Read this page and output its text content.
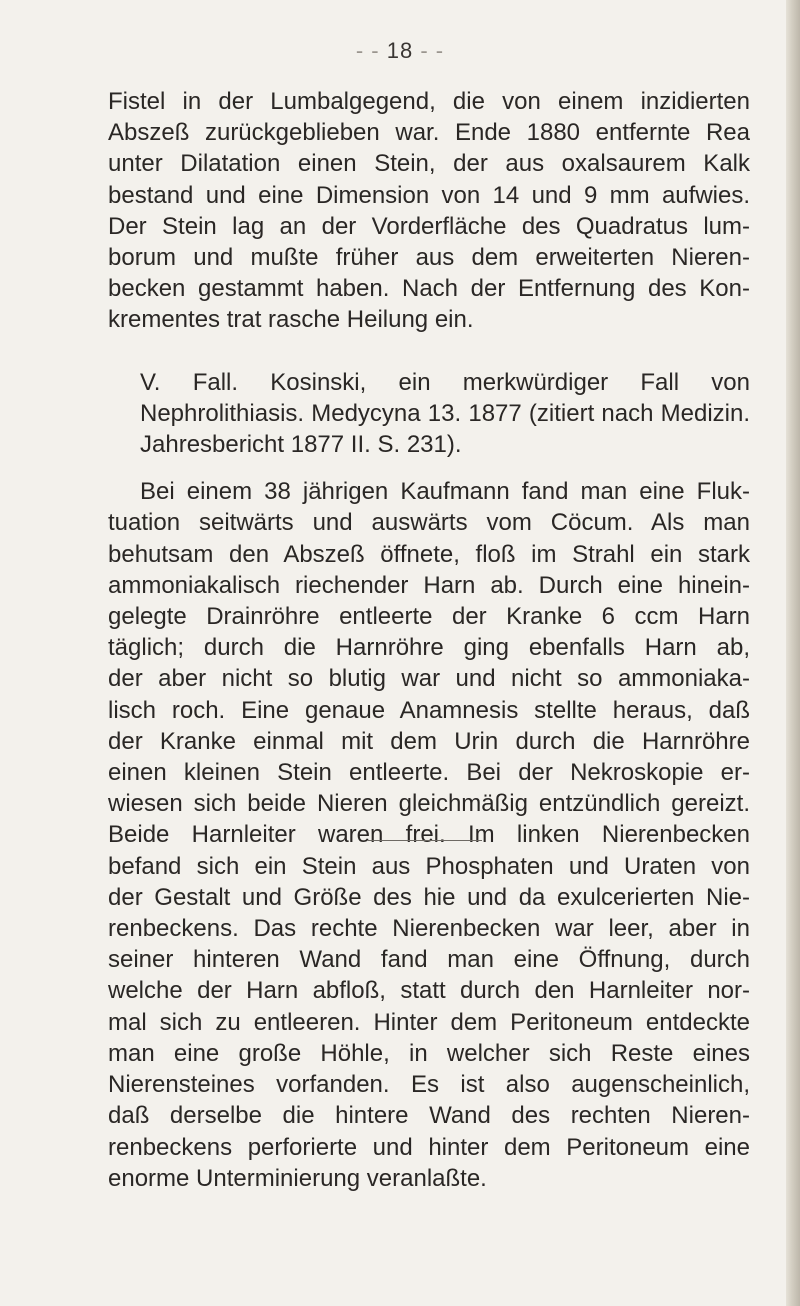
- - 18 - -

Fistel in der Lumbalgegend, die von einem inzidierten
Abszeß zurückgeblieben war. Ende 1880 entfernte Rea
unter Dilatation einen Stein, der aus oxalsaurem Kalk
bestand und eine Dimension von 14 und 9 mm aufwies.
Der Stein lag an der Vorderfläche des Quadratus lum-
borum und mußte früher aus dem erweiterten Nieren-
becken gestammt haben. Nach der Entfernung des Kon-
krementes trat rasche Heilung ein.

V. Fall. Kosinski, ein merkwürdiger Fall von
Nephrolithiasis. Medycyna 13. 1877 (zitiert nach Medizin.
Jahresbericht 1877 II. S. 231).

Bei einem 38 jährigen Kaufmann fand man eine Fluk-
tuation seitwärts und auswärts vom Cöcum. Als man
behutsam den Abszeß öffnete, floß im Strahl ein stark
ammoniakalisch riechender Harn ab. Durch eine hinein-
gelegte Drainröhre entleerte der Kranke 6 ccm Harn
täglich; durch die Harnröhre ging ebenfalls Harn ab,
der aber nicht so blutig war und nicht so ammoniaka-
lisch roch. Eine genaue Anamnesis stellte heraus, daß
der Kranke einmal mit dem Urin durch die Harnröhre
einen kleinen Stein entleerte. Bei der Nekroskopie er-
wiesen sich beide Nieren gleichmäßig entzündlich gereizt.
Beide Harnleiter waren frei. Im linken Nierenbecken
befand sich ein Stein aus Phosphaten und Uraten von
der Gestalt und Größe des hie und da exulcerierten Nie-
renbeckens. Das rechte Nierenbecken war leer, aber in
seiner hinteren Wand fand man eine Öffnung, durch
welche der Harn abfloß, statt durch den Harnleiter nor-
mal sich zu entleeren. Hinter dem Peritoneum entdeckte
man eine große Höhle, in welcher sich Reste eines
Nierensteines vorfanden. Es ist also augenscheinlich,
daß derselbe die hintere Wand des rechten Nieren-
renbeckens perforierte und hinter dem Peritoneum eine
enorme Unterminierung veranlaßte.
